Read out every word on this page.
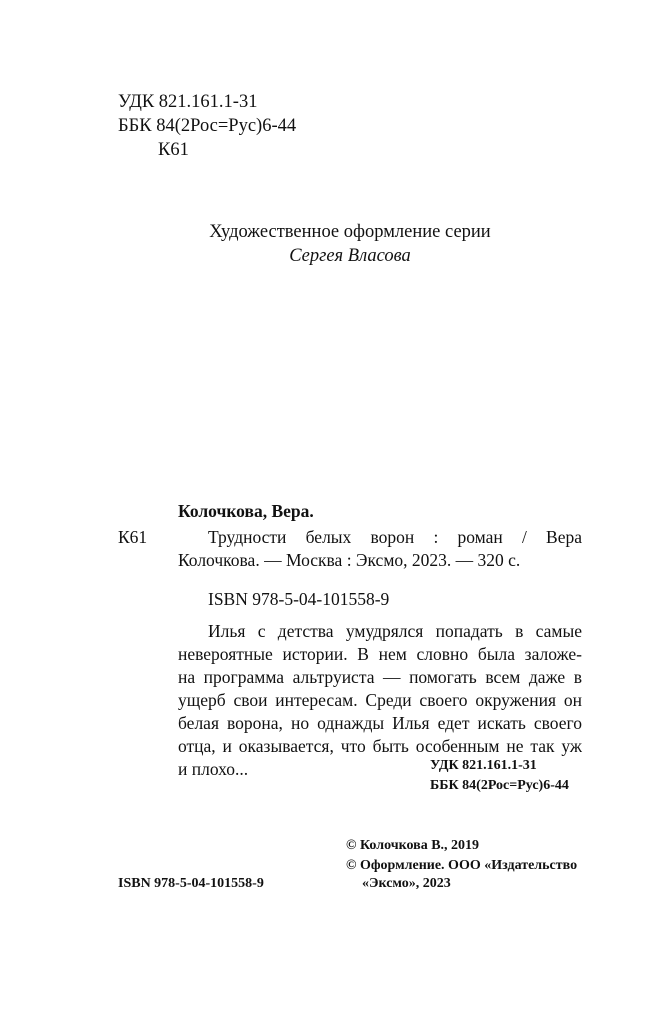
УДК 821.161.1-31
ББК 84(2Рос=Рус)6-44
К61
Художественное оформление серии
Сергея Власова
Колочкова, Вера.
К61	Трудности белых ворон : роман / Вера
Колочкова. — Москва : Эксмо, 2023. — 320 с.
ISBN 978-5-04-101558-9
Илья с детства умудрялся попадать в самые
невероятные истории. В нем словно была заложе-
на программа альтруиста — помогать всем даже в
ущерб свои интересам. Среди своего окружения он
белая ворона, но однажды Илья едет искать своего
отца, и оказывается, что быть особенным не так уж
и плохо...	УДК 821.161.1-31
ББК 84(2Рос=Рус)6-44
© Колочкова В., 2019
© Оформление. ООО «Издательство
ISBN 978-5-04-101558-9	«Эксмо», 2023
